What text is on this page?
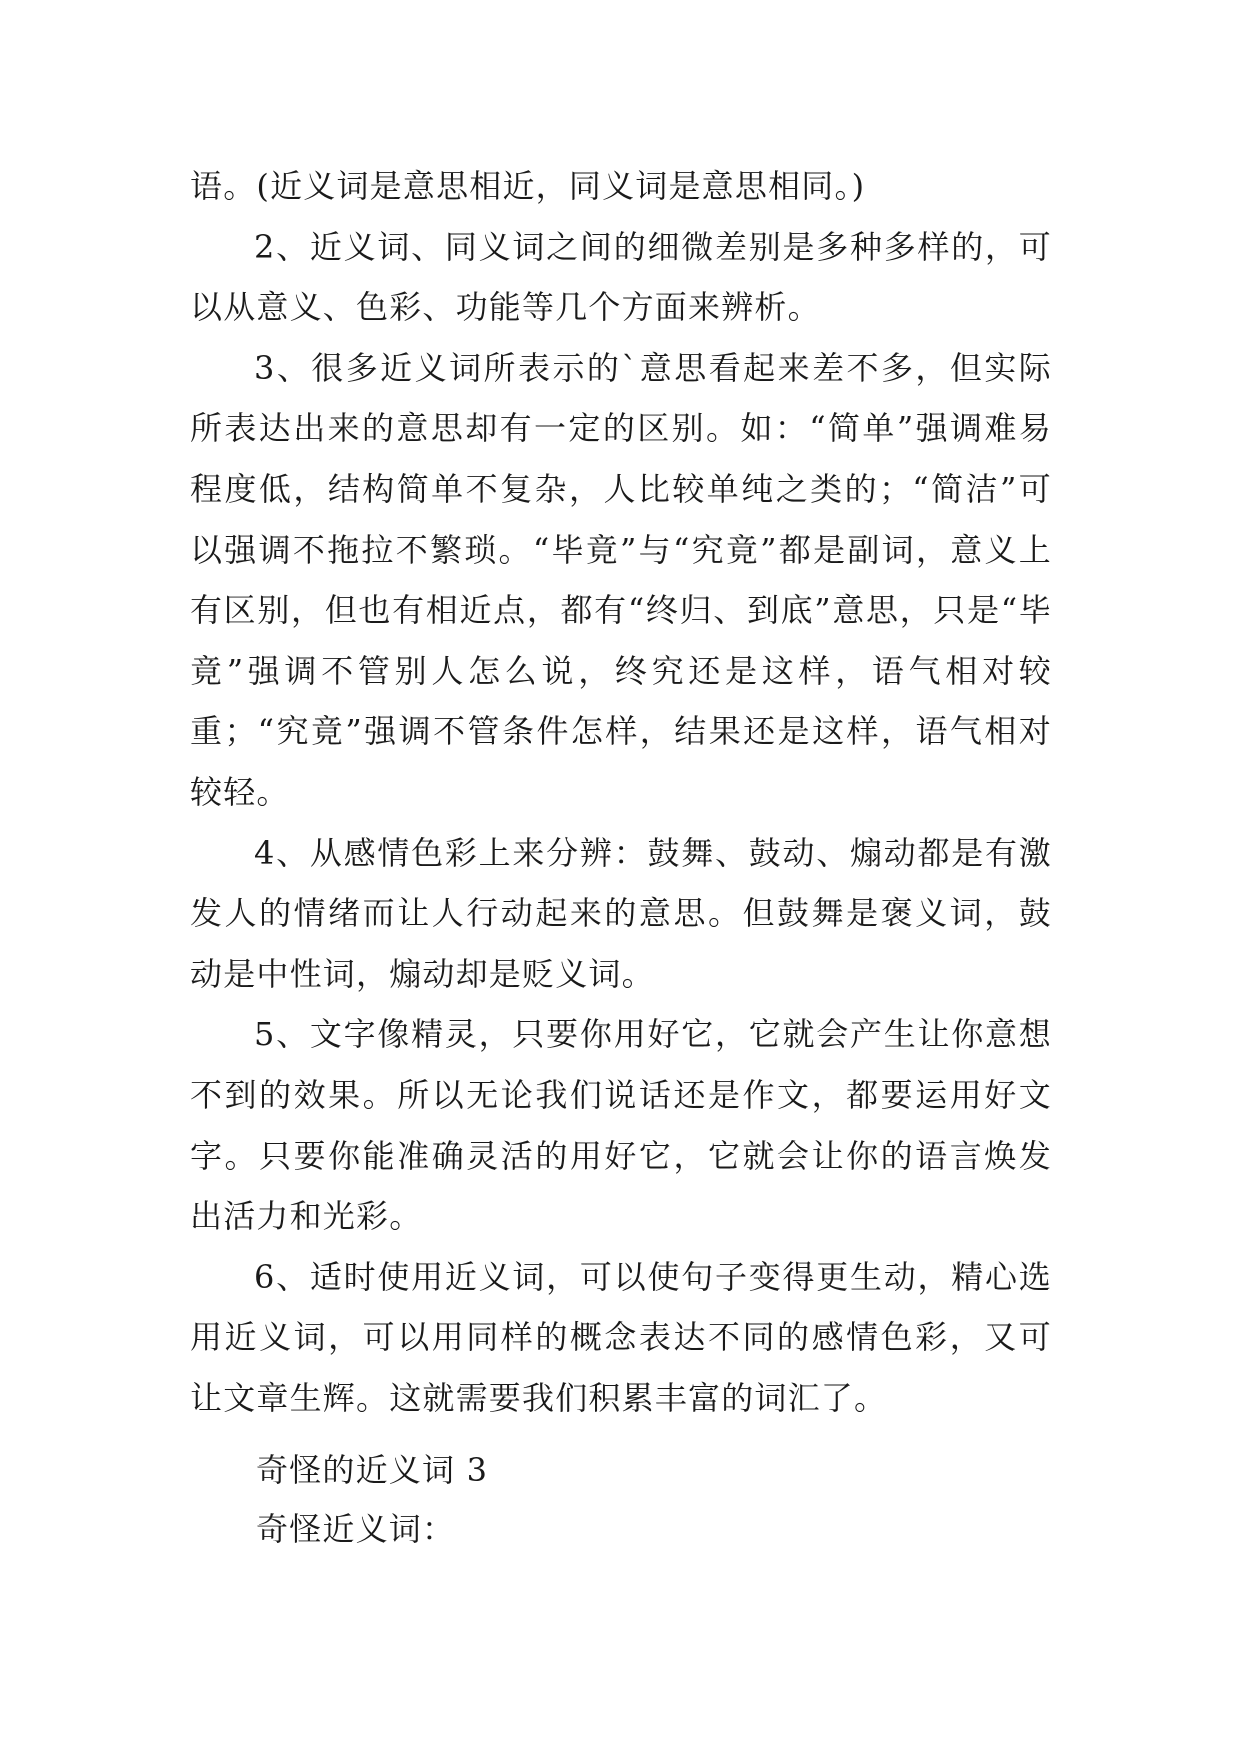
语。(近义词是意思相近，同义词是意思相同。)

2、近义词、同义词之间的细微差别是多种多样的，可以从意义、色彩、功能等几个方面来辨析。

3、很多近义词所表示的`意思看起来差不多，但实际所表达出来的意思却有一定的区别。如：“简单”强调难易程度低，结构简单不复杂，人比较单纯之类的；“简洁”可以强调不拖拉不繁琐。“毕竟”与“究竟”都是副词，意义上有区别，但也有相近点，都有“终归、到底”意思，只是“毕竟”强调不管别人怎么说，终究还是这样，语气相对较重；“究竟”强调不管条件怎样，结果还是这样，语气相对较轻。

4、从感情色彩上来分辨：鼓舞、鼓动、煽动都是有激发人的情绪而让人行动起来的意思。但鼓舞是褒义词，鼓动是中性词，煽动却是贬义词。

5、文字像精灵，只要你用好它，它就会产生让你意想不到的效果。所以无论我们说话还是作文，都要运用好文字。只要你能准确灵活的用好它，它就会让你的语言焕发出活力和光彩。

6、适时使用近义词，可以使句子变得更生动，精心选用近义词，可以用同样的概念表达不同的感情色彩，又可让文章生辉。这就需要我们积累丰富的词汇了。

奇怪的近义词 3

奇怪近义词：
